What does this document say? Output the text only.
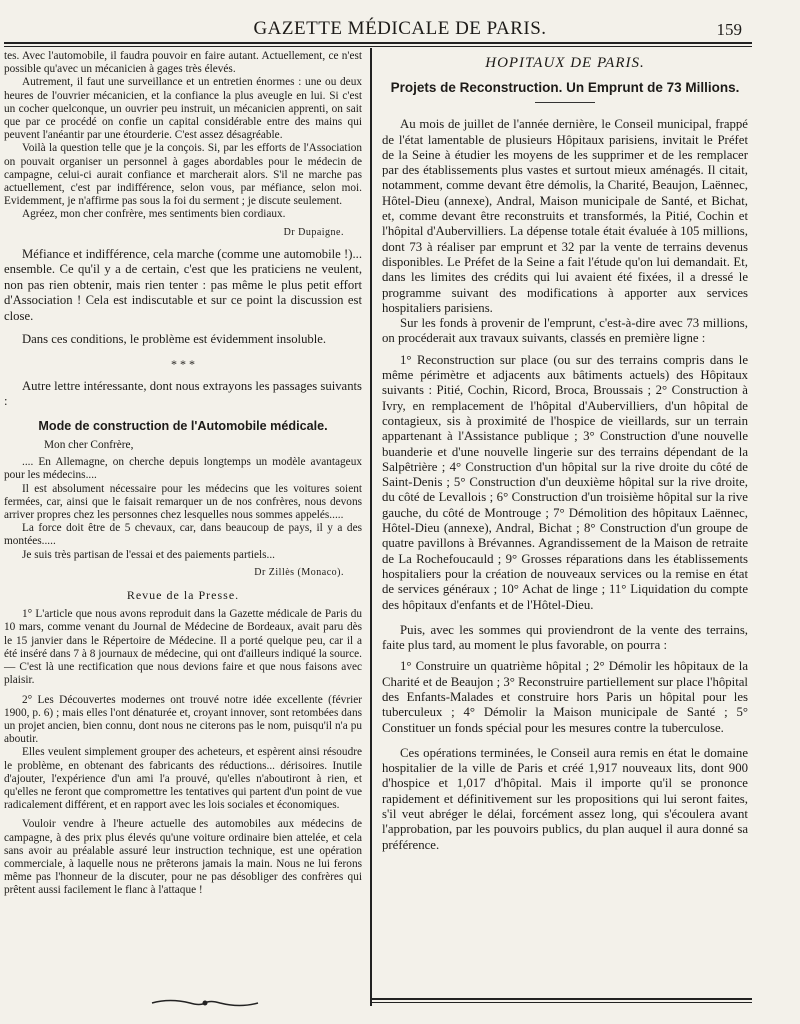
GAZETTE MÉDICALE DE PARIS.	159

tes. Avec l'automobile, il faudra pouvoir en faire autant. Actuellement, ce n'est possible qu'avec un mécanicien à gages très élevés.

Autrement, il faut une surveillance et un entretien énormes : une ou deux heures de l'ouvrier mécanicien, et la confiance la plus aveugle en lui. Si c'est un cocher quelconque, un ouvrier peu instruit, un mécanicien apprenti, on sait que par ce procédé on confie un capital considérable entre des mains qui peuvent l'anéantir par une étourderie. C'est assez désagréable.

Voilà la question telle que je la conçois. Si, par les efforts de l'Association on pouvait organiser un personnel à gages abordables pour le médecin de campagne, celui-ci aurait confiance et marcherait alors. S'il ne marche pas actuellement, c'est par indifférence, selon vous, par méfiance, selon moi. Evidemment, je n'affirme pas sous la foi du serment ; je discute seulement.

Agréez, mon cher confrère, mes sentiments bien cordiaux.

Dr Dupaigne.

Méfiance et indifférence, cela marche (comme une automobile !)... ensemble. Ce qu'il y a de certain, c'est que les praticiens ne veulent, non pas rien obtenir, mais rien tenter : pas même le plus petit effort d'Association ! Cela est indiscutable et sur ce point la discussion est close.

Dans ces conditions, le problème est évidemment insoluble.

* * *

Autre lettre intéressante, dont nous extrayons les passages suivants :

Mode de construction de l'Automobile médicale.

Mon cher Confrère,

.... En Allemagne, on cherche depuis longtemps un modèle avantageux pour les médecins....

Il est absolument nécessaire pour les médecins que les voitures soient fermées, car, ainsi que le faisait remarquer un de nos confrères, nous devons arriver propres chez les personnes chez lesquelles nous sommes appelés.....

La force doit être de 5 chevaux, car, dans beaucoup de pays, il y a des montées.....

Je suis très partisan de l'essai et des paiements partiels...

Dr Zillès (Monaco).
Revue de la Presse.

1° L'article que nous avons reproduit dans la Gazette médicale de Paris du 10 mars, comme venant du Journal de Médecine de Bordeaux, avait paru dès le 15 janvier dans le Répertoire de Médecine. Il a porté quelque peu, car il a été inséré dans 7 à 8 journaux de médecine, qui ont d'ailleurs indiqué la source. — C'est là une rectification que nous devions faire et que nous faisons avec plaisir.

2° Les Découvertes modernes ont trouvé notre idée excellente (février 1900, p. 6) ; mais elles l'ont dénaturée et, croyant innover, sont retombées dans un projet ancien, bien connu, dont nous ne citerons pas le nom, puisqu'il n'a pu aboutir.

Elles veulent simplement grouper des acheteurs, et espèrent ainsi résoudre le problème, en obtenant des fabricants des réductions... dérisoires. Inutile d'ajouter, l'expérience d'un ami l'a prouvé, qu'elles n'aboutiront à rien, et qu'elles ne feront que compromettre les tentatives qui partent d'un point de vue radicalement différent, et en rapport avec les lois sociales et économiques.

Vouloir vendre à l'heure actuelle des automobiles aux médecins de campagne, à des prix plus élevés qu'une voiture ordinaire bien attelée, et cela sans avoir au préalable assuré leur instruction technique, est une opération commerciale, à laquelle nous ne prêterons jamais la main. Nous ne lui ferons même pas l'honneur de la discuter, pour ne pas désobliger des confrères qui prêtent aussi facilement le flanc à l'attaque !

HOPITAUX DE PARIS.
Projets de Reconstruction. Un Emprunt de 73 Millions.

Au mois de juillet de l'année dernière, le Conseil municipal, frappé de l'état lamentable de plusieurs Hôpitaux parisiens, invitait le Préfet de la Seine à étudier les moyens de les supprimer et de les remplacer par des établissements plus vastes et surtout mieux aménagés. Il citait, notamment, comme devant être démolis, la Charité, Beaujon, Laënnec, Hôtel-Dieu (annexe), Andral, Maison municipale de Santé, et Bichat, et, comme devant être reconstruits et transformés, la Pitié, Cochin et l'hôpital d'Aubervilliers. La dépense totale était évaluée à 105 millions, dont 73 à réaliser par emprunt et 32 par la vente de terrains devenus disponibles. Le Préfet de la Seine a fait l'étude qu'on lui demandait. Et, dans les limites des crédits qui lui avaient été fixées, il a dressé le programme suivant des modifications à apporter aux services hospitaliers parisiens.

Sur les fonds à provenir de l'emprunt, c'est-à-dire avec 73 millions, on procéderait aux travaux suivants, classés en première ligne :

1° Reconstruction sur place (ou sur des terrains compris dans le même périmètre et adjacents aux bâtiments actuels) des Hôpitaux suivants : Pitié, Cochin, Ricord, Broca, Broussais ; 2° Construction à Ivry, en remplacement de l'hôpital d'Aubervilliers, d'un hôpital de contagieux, sis à proximité de l'hospice de vieillards, sur un terrain appartenant à l'Assistance publique ; 3° Construction d'une nouvelle buanderie et d'une nouvelle lingerie sur des terrains dépendant de la Salpêtrière ; 4° Construction d'un hôpital sur la rive droite du côté de Saint-Denis ; 5° Construction d'un deuxième hôpital sur la rive droite, du côté de Levallois ; 6° Construction d'un troisième hôpital sur la rive gauche, du côté de Montrouge ; 7° Démolition des hôpitaux Laënnec, Hôtel-Dieu (annexe), Andral, Bichat ; 8° Construction d'un groupe de quatre pavillons à Brévannes. Agrandissement de la Maison de retraite de La Rochefoucauld ; 9° Grosses réparations dans les établissements hospitaliers pour la création de nouveaux services ou la remise en état de services généraux ; 10° Achat de linge ; 11° Liquidation du compte des hôpitaux d'enfants et de l'Hôtel-Dieu.

Puis, avec les sommes qui proviendront de la vente des terrains, faite plus tard, au moment le plus favorable, on pourra :

1° Construire un quatrième hôpital ; 2° Démolir les hôpitaux de la Charité et de Beaujon ; 3° Reconstruire partiellement sur place l'hôpital des Enfants-Malades et construire hors Paris un hôpital pour les tuberculeux ; 4° Démolir la Maison municipale de Santé ; 5° Constituer un fonds spécial pour les mesures contre la tuberculose.

Ces opérations terminées, le Conseil aura remis en état le domaine hospitalier de la ville de Paris et créé 1,917 nouveaux lits, dont 900 d'hospice et 1,017 d'hôpital. Mais il importe qu'il se prononce rapidement et définitivement sur les propositions qui lui seront faites, s'il veut abréger le délai, forcément assez long, qui s'écoulera avant l'approbation, par les pouvoirs publics, du plan auquel il aura donné sa préférence.
